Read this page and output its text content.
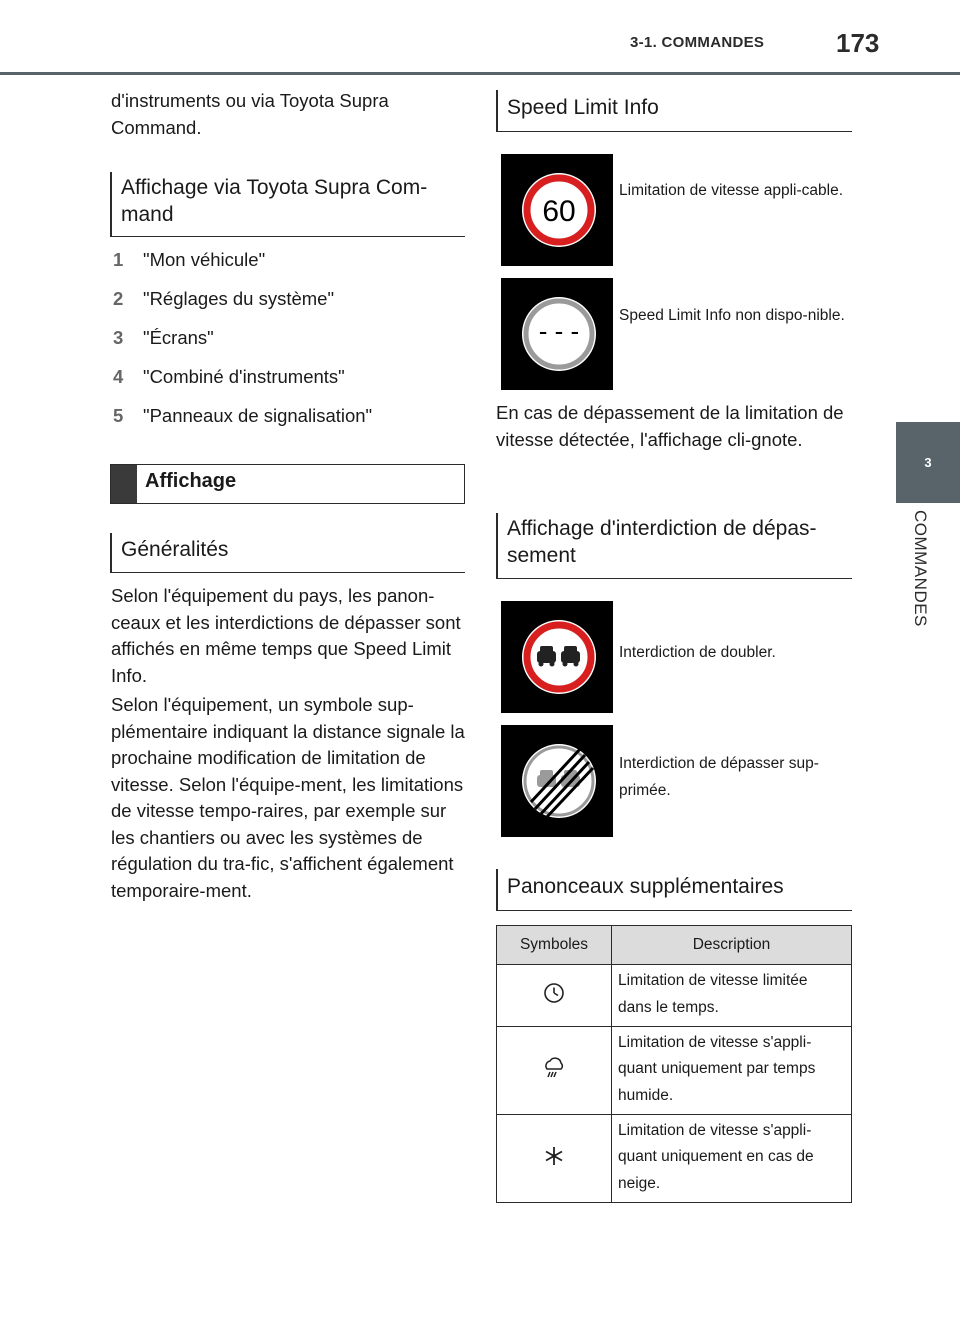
3-1. COMMANDES	173
3
COMMANDES

d'instruments ou via Toyota Supra Command.

Affichage via Toyota Supra Com-mand
1 "Mon véhicule"
2 "Réglages du système"
3 "Écrans"
4 "Combiné d'instruments"
5 "Panneaux de signalisation"
Affichage
Généralités

Selon l'équipement du pays, les panon-ceaux et les interdictions de dépasser sont affichés en même temps que Speed Limit Info.

Selon l'équipement, un symbole sup-plémentaire indiquant la distance signale la prochaine modification de limitation de vitesse. Selon l'équipe-ment, les limitations de vitesse tempo-raires, par exemple sur les chantiers ou avec les systèmes de régulation du tra-fic, s'affichent également temporaire-ment.

Speed Limit Info
60
Limitation de vitesse appli-cable.
- - -
Speed Limit Info non dispo-nible.

En cas de dépassement de la limitation de vitesse détectée, l'affichage cli-gnote.

Affichage d'interdiction de dépas-sement
Interdiction de doubler.
Interdiction de dépasser sup-primée.
Panonceaux supplémentaires
Symboles	Description
	Limitation de vitesse limitée dans le temps.
	Limitation de vitesse s'appli-quant uniquement par temps humide.
	Limitation de vitesse s'appli-quant uniquement en cas de neige.
